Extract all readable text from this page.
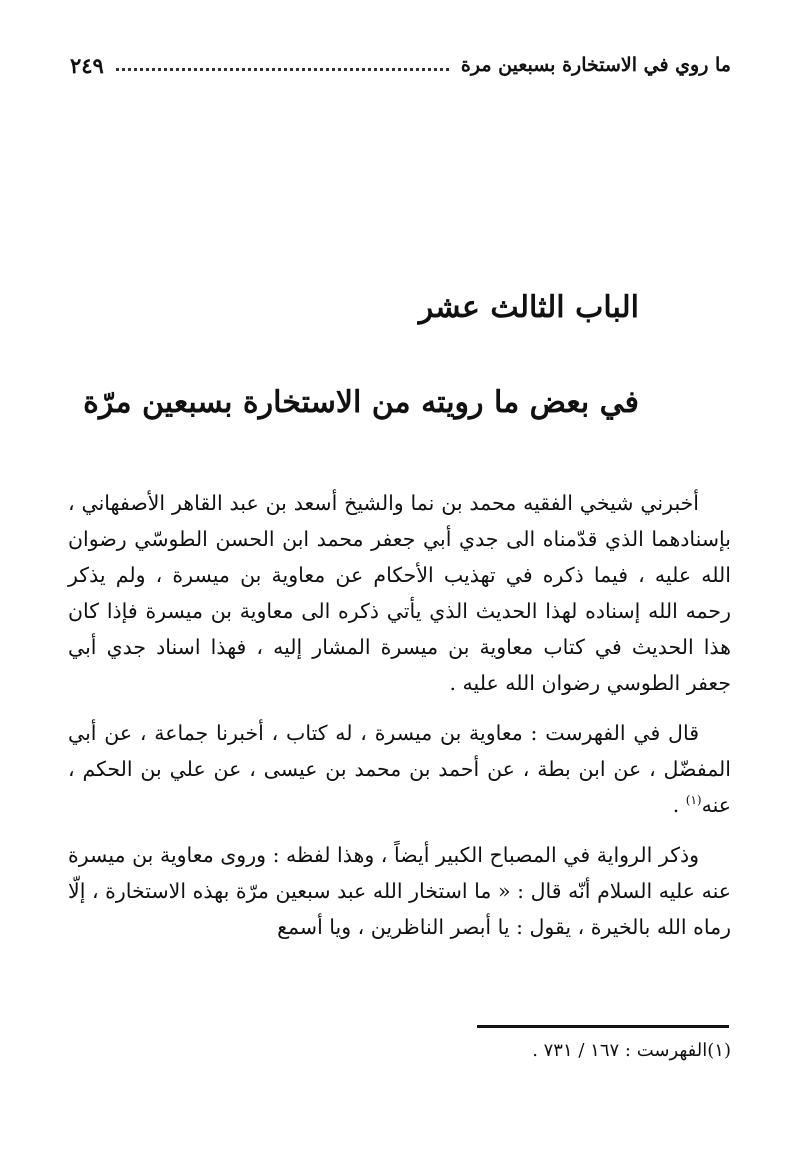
ما روي في الاستخارة بسبعين مرة
٢٤٩
الباب الثالث عشر
في بعض ما رويته من الاستخارة بسبعين مرّة

أخبرني شيخي الفقيه محمد بن نما والشيخ أسعد بن عبد القاهر الأصفهاني ، بإسنادهما الذي قدّمناه الى جدي أبي جعفر محمد ابن الحسن الطوسّي رضوان الله عليه ، فيما ذكره في تهذيب الأحكام عن معاوية بن ميسرة ، ولم يذكر رحمه الله إسناده لهذا الحديث الذي يأتي ذكره الى معاوية بن ميسرة فإذا كان هذا الحديث في كتاب معاوية بن ميسرة المشار إليه ، فهذا اسناد جدي أبي جعفر الطوسي رضوان الله عليه .

قال في الفهرست : معاوية بن ميسرة ، له كتاب ، أخبرنا جماعة ، عن أبي المفضّل ، عن ابن بطة ، عن أحمد بن محمد بن عيسى ، عن علي بن الحكم ، عنه$^{(١)}$ .

وذكر الرواية في المصباح الكبير أيضاً ، وهذا لفظه : وروى معاوية بن ميسرة عنه عليه السلام أنّه قال : « ما استخار الله عبد سبعين مرّة بهذه الاستخارة ، إلّا رماه الله بالخيرة ، يقول : يا أبصر الناظرين ، ويا أسمع

(١)الفهرست : ١٦٧ / ٧٣١ .
